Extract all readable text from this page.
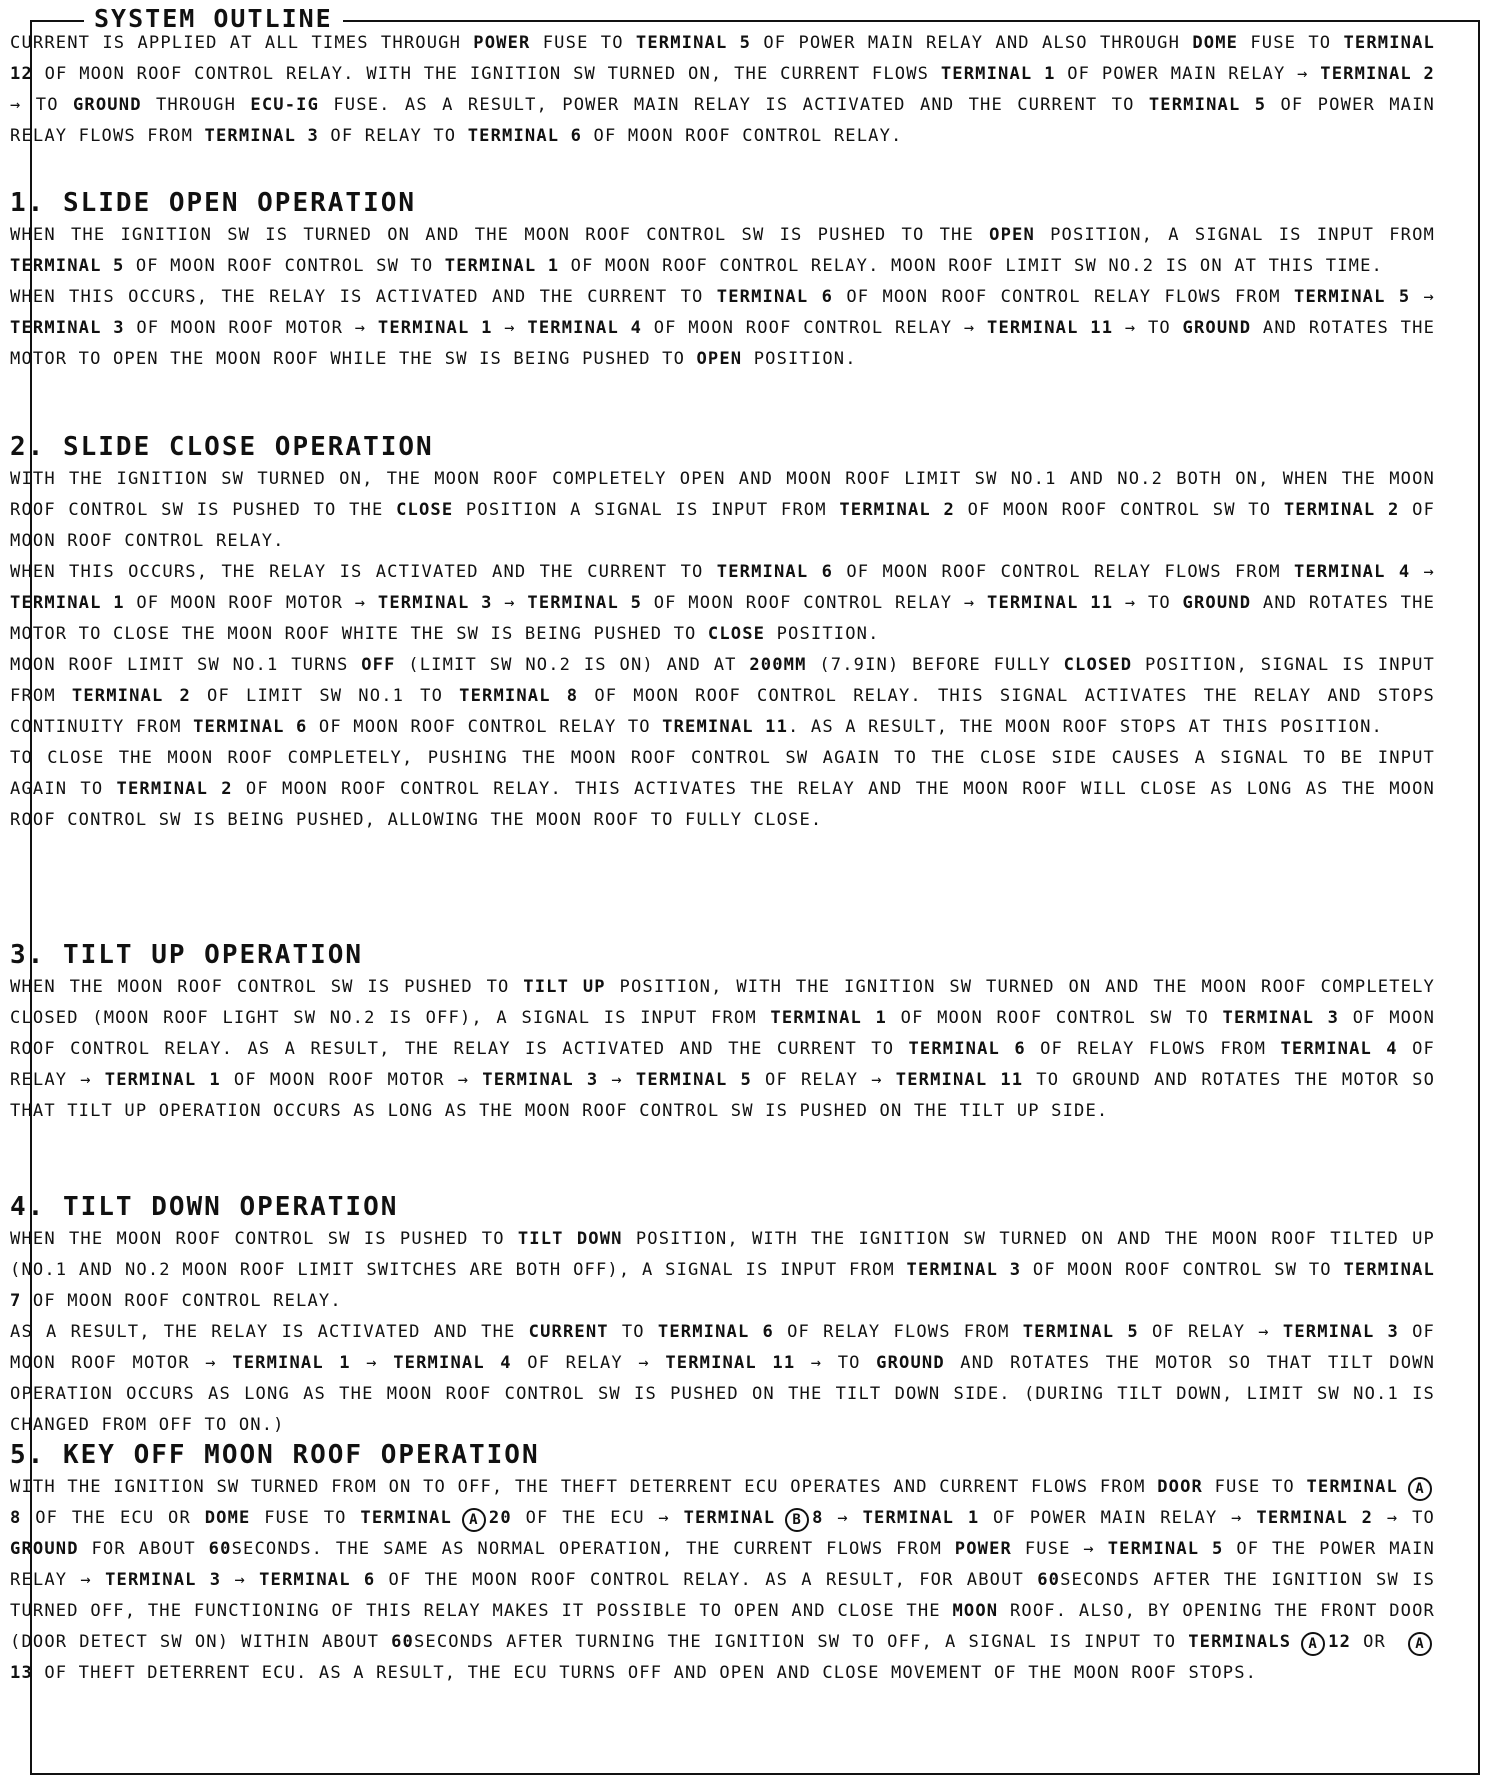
SYSTEM OUTLINE

CURRENT IS APPLIED AT ALL TIMES THROUGH POWER FUSE TO TERMINAL 5 OF POWER MAIN RELAY AND ALSO THROUGH DOME FUSE TO TERMINAL 12 OF MOON ROOF CONTROL RELAY. WITH THE IGNITION SW TURNED ON, THE CURRENT FLOWS TERMINAL 1 OF POWER MAIN RELAY → TERMINAL 2 → TO GROUND THROUGH ECU-IG FUSE. AS A RESULT, POWER MAIN RELAY IS ACTIVATED AND THE CURRENT TO TERMINAL 5 OF POWER MAIN RELAY FLOWS FROM TERMINAL 3 OF RELAY TO TERMINAL 6 OF MOON ROOF CONTROL RELAY.

1. SLIDE OPEN OPERATION

WHEN THE IGNITION SW IS TURNED ON AND THE MOON ROOF CONTROL SW IS PUSHED TO THE OPEN POSITION, A SIGNAL IS INPUT FROM TERMINAL 5 OF MOON ROOF CONTROL SW TO TERMINAL 1 OF MOON ROOF CONTROL RELAY. MOON ROOF LIMIT SW NO.2 IS ON AT THIS TIME.

WHEN THIS OCCURS, THE RELAY IS ACTIVATED AND THE CURRENT TO TERMINAL 6 OF MOON ROOF CONTROL RELAY FLOWS FROM TERMINAL 5 → TERMINAL 3 OF MOON ROOF MOTOR → TERMINAL 1 → TERMINAL 4 OF MOON ROOF CONTROL RELAY → TERMINAL 11 → TO GROUND AND ROTATES THE MOTOR TO OPEN THE MOON ROOF WHILE THE SW IS BEING PUSHED TO OPEN POSITION.

2. SLIDE CLOSE OPERATION

WITH THE IGNITION SW TURNED ON, THE MOON ROOF COMPLETELY OPEN AND MOON ROOF LIMIT SW NO.1 AND NO.2 BOTH ON, WHEN THE MOON ROOF CONTROL SW IS PUSHED TO THE CLOSE POSITION A SIGNAL IS INPUT FROM TERMINAL 2 OF MOON ROOF CONTROL SW TO TERMINAL 2 OF MOON ROOF CONTROL RELAY.

WHEN THIS OCCURS, THE RELAY IS ACTIVATED AND THE CURRENT TO TERMINAL 6 OF MOON ROOF CONTROL RELAY FLOWS FROM TERMINAL 4 → TERMINAL 1 OF MOON ROOF MOTOR → TERMINAL 3 → TERMINAL 5 OF MOON ROOF CONTROL RELAY → TERMINAL 11 → TO GROUND AND ROTATES THE MOTOR TO CLOSE THE MOON ROOF WHITE THE SW IS BEING PUSHED TO CLOSE POSITION.

MOON ROOF LIMIT SW NO.1 TURNS OFF (LIMIT SW NO.2 IS ON) AND AT 200MM (7.9IN) BEFORE FULLY CLOSED POSITION, SIGNAL IS INPUT FROM TERMINAL 2 OF LIMIT SW NO.1 TO TERMINAL 8 OF MOON ROOF CONTROL RELAY. THIS SIGNAL ACTIVATES THE RELAY AND STOPS CONTINUITY FROM TERMINAL 6 OF MOON ROOF CONTROL RELAY TO TREMINAL 11. AS A RESULT, THE MOON ROOF STOPS AT THIS POSITION.

TO CLOSE THE MOON ROOF COMPLETELY, PUSHING THE MOON ROOF CONTROL SW AGAIN TO THE CLOSE SIDE CAUSES A SIGNAL TO BE INPUT AGAIN TO TERMINAL 2 OF MOON ROOF CONTROL RELAY. THIS ACTIVATES THE RELAY AND THE MOON ROOF WILL CLOSE AS LONG AS THE MOON ROOF CONTROL SW IS BEING PUSHED, ALLOWING THE MOON ROOF TO FULLY CLOSE.

3. TILT UP OPERATION

WHEN THE MOON ROOF CONTROL SW IS PUSHED TO TILT UP POSITION, WITH THE IGNITION SW TURNED ON AND THE MOON ROOF COMPLETELY CLOSED (MOON ROOF LIGHT SW NO.2 IS OFF), A SIGNAL IS INPUT FROM TERMINAL 1 OF MOON ROOF CONTROL SW TO TERMINAL 3 OF MOON ROOF CONTROL RELAY. AS A RESULT, THE RELAY IS ACTIVATED AND THE CURRENT TO TERMINAL 6 OF RELAY FLOWS FROM TERMINAL 4 OF RELAY → TERMINAL 1 OF MOON ROOF MOTOR → TERMINAL 3 → TERMINAL 5 OF RELAY → TERMINAL 11 TO GROUND AND ROTATES THE MOTOR SO THAT TILT UP OPERATION OCCURS AS LONG AS THE MOON ROOF CONTROL SW IS PUSHED ON THE TILT UP SIDE.

4. TILT DOWN OPERATION

WHEN THE MOON ROOF CONTROL SW IS PUSHED TO TILT DOWN POSITION, WITH THE IGNITION SW TURNED ON AND THE MOON ROOF TILTED UP (NO.1 AND NO.2 MOON ROOF LIMIT SWITCHES ARE BOTH OFF), A SIGNAL IS INPUT FROM TERMINAL 3 OF MOON ROOF CONTROL SW TO TERMINAL 7 OF MOON ROOF CONTROL RELAY.

AS A RESULT, THE RELAY IS ACTIVATED AND THE CURRENT TO TERMINAL 6 OF RELAY FLOWS FROM TERMINAL 5 OF RELAY → TERMINAL 3 OF MOON ROOF MOTOR → TERMINAL 1 → TERMINAL 4 OF RELAY → TERMINAL 11 → TO GROUND AND ROTATES THE MOTOR SO THAT TILT DOWN OPERATION OCCURS AS LONG AS THE MOON ROOF CONTROL SW IS PUSHED ON THE TILT DOWN SIDE. (DURING TILT DOWN, LIMIT SW NO.1 IS CHANGED FROM OFF TO ON.)

5. KEY OFF MOON ROOF OPERATION

WITH THE IGNITION SW TURNED FROM ON TO OFF, THE THEFT DETERRENT ECU OPERATES AND CURRENT FLOWS FROM DOOR FUSE TO TERMINAL A8 OF THE ECU OR DOME FUSE TO TERMINAL A 20 OF THE ECU → TERMINAL B 8 → TERMINAL 1 OF POWER MAIN RELAY → TERMINAL 2 → TO GROUND FOR ABOUT 60SECONDS. THE SAME AS NORMAL OPERATION, THE CURRENT FLOWS FROM POWER FUSE → TERMINAL 5 OF THE POWER MAIN RELAY → TERMINAL 3 → TERMINAL 6 OF THE MOON ROOF CONTROL RELAY. AS A RESULT, FOR ABOUT 60SECONDS AFTER THE IGNITION SW IS TURNED OFF, THE FUNCTIONING OF THIS RELAY MAKES IT POSSIBLE TO OPEN AND CLOSE THE MOON ROOF. ALSO, BY OPENING THE FRONT DOOR (DOOR DETECT SW ON) WITHIN ABOUT 60SECONDS AFTER TURNING THE IGNITION SW TO OFF, A SIGNAL IS INPUT TO TERMINALS A 12 OR A13 OF THEFT DETERRENT ECU. AS A RESULT, THE ECU TURNS OFF AND OPEN AND CLOSE MOVEMENT OF THE MOON ROOF STOPS.
